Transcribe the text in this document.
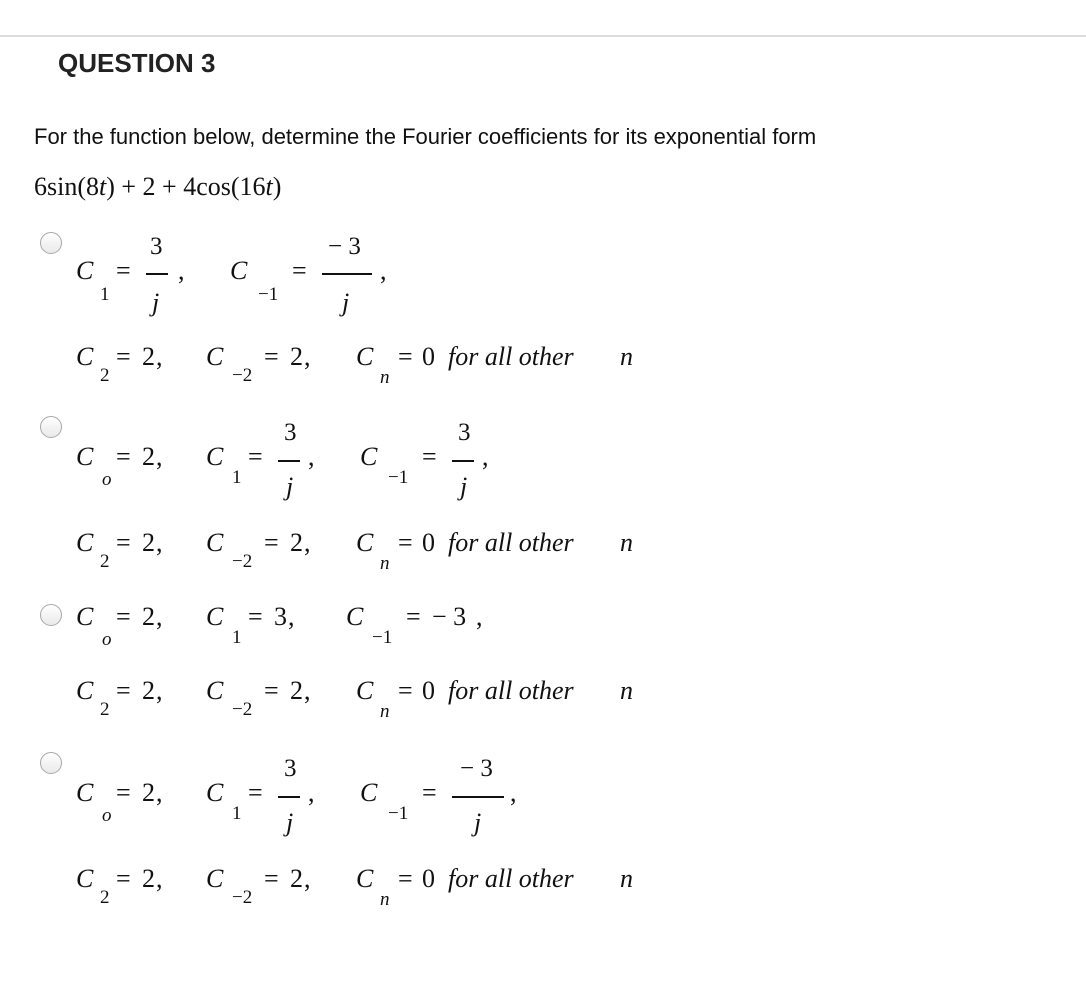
QUESTION 3
For the function below, determine the Fourier coefficients for its exponential form
6sin(8t) + 2 + 4cos(16t)
C
1
=
3
j
, C
−1
=
− 3
j
,
C
2
= 2 , C
−2
= 2 , C
n
= 0 for all other n
C
o
= 2 , C
1
=
3
j
, C
−1
=
3
j
,
C
2
= 2 , C
−2
= 2 , C
n
= 0 for all other n
C
o
= 2 , C
1
= 3 , C
−1
= − 3 ,
C
2
= 2 , C
−2
= 2 , C
n
= 0 for all other n
C
o
= 2 , C
1
=
3
j
, C
−1
=
− 3
j
,
C
2
= 2 , C
−2
= 2 , C
n
= 0 for all other n
